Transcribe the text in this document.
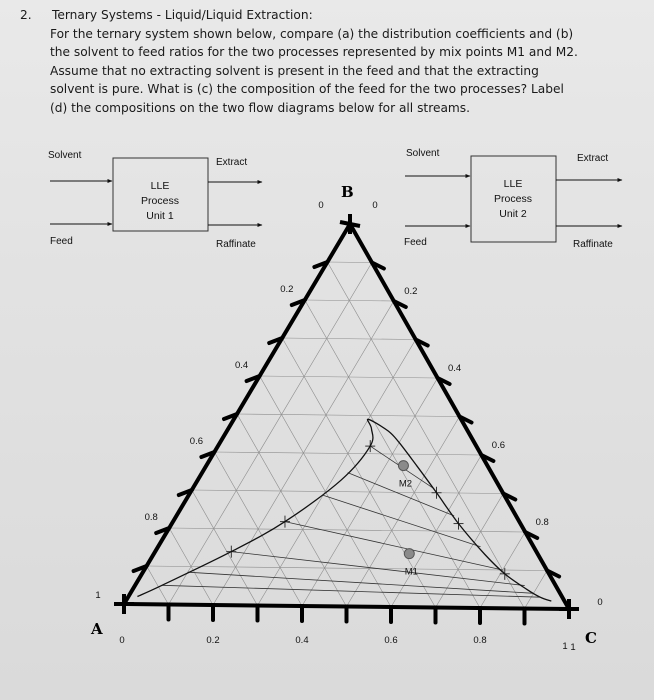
2. Ternary Systems - Liquid/Liquid Extraction:
For the ternary system shown below, compare (a) the distribution coefficients and (b)
the solvent to feed ratios for the two processes represented by mix points M1 and M2.
Assume that no extracting solvent is present in the feed and that the extracting
solvent is pure. What is (c) the composition of the feed for the two processes? Label
(d) the compositions on the two flow diagrams below for all streams.
LLE
Process
Unit 1
Solvent
Extract
Feed	Raffinate
LLE
Process
Unit 2
Solvent	Extract
Feed	Raffinate
0	0.2	0.4	0.6	0.8
1
1
0.8
0.6
0.4
0.2
0.8
0.6
0.4
0.2
0
1
0
0
M1
M2
A
B
C
